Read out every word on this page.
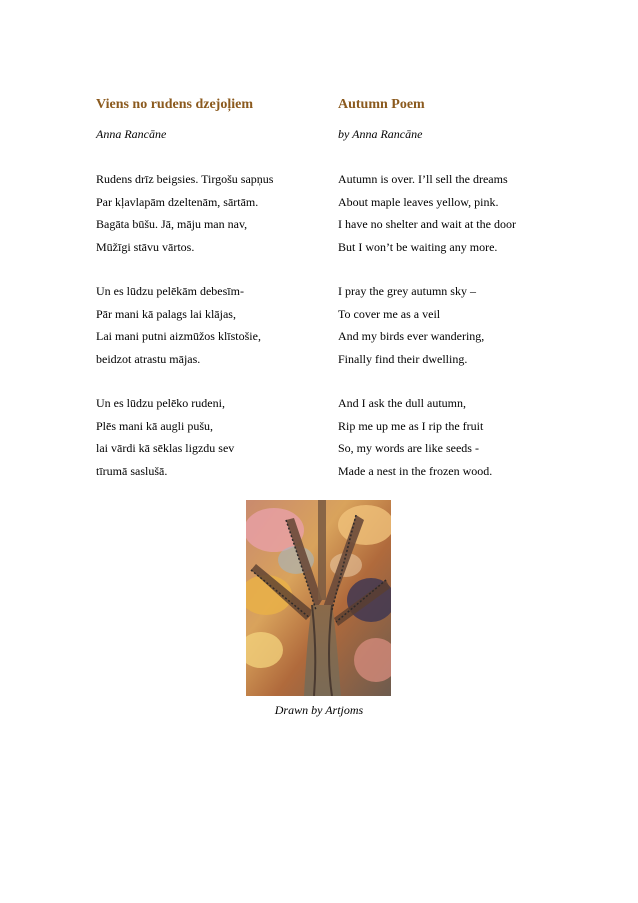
Viens no rudens dzejoļiem
Anna Rancāne
Rudens drīz beigsies. Tirgošu sapņus
Par kļavlapām dzeltenām, sārtām.
Bagāta būšu. Jā, māju man nav,
Mūžīgi stāvu vārtos.
Un es lūdzu pelēkām debesīm-
Pār mani kā palags lai klājas,
Lai mani putni aizmūžos klīstošie,
beidzot atrastu mājas.
Un es lūdzu pelēko rudeni,
Plēs mani kā augli pušu,
lai vārdi kā sēklas ligzdu sev
tīrumā saslušā.
Autumn Poem
by Anna Rancāne
Autumn is over. I’ll sell the dreams
About maple leaves yellow, pink.
I have no shelter and wait at the door
But I won’t be waiting any more.
I pray the grey autumn sky –
To cover me as a veil
And my birds ever wandering,
Finally find their dwelling.
And I ask the dull autumn,
Rip me up me as I rip the fruit
So, my words are like seeds -
Made a nest in the frozen wood.
Drawn by Artjoms
